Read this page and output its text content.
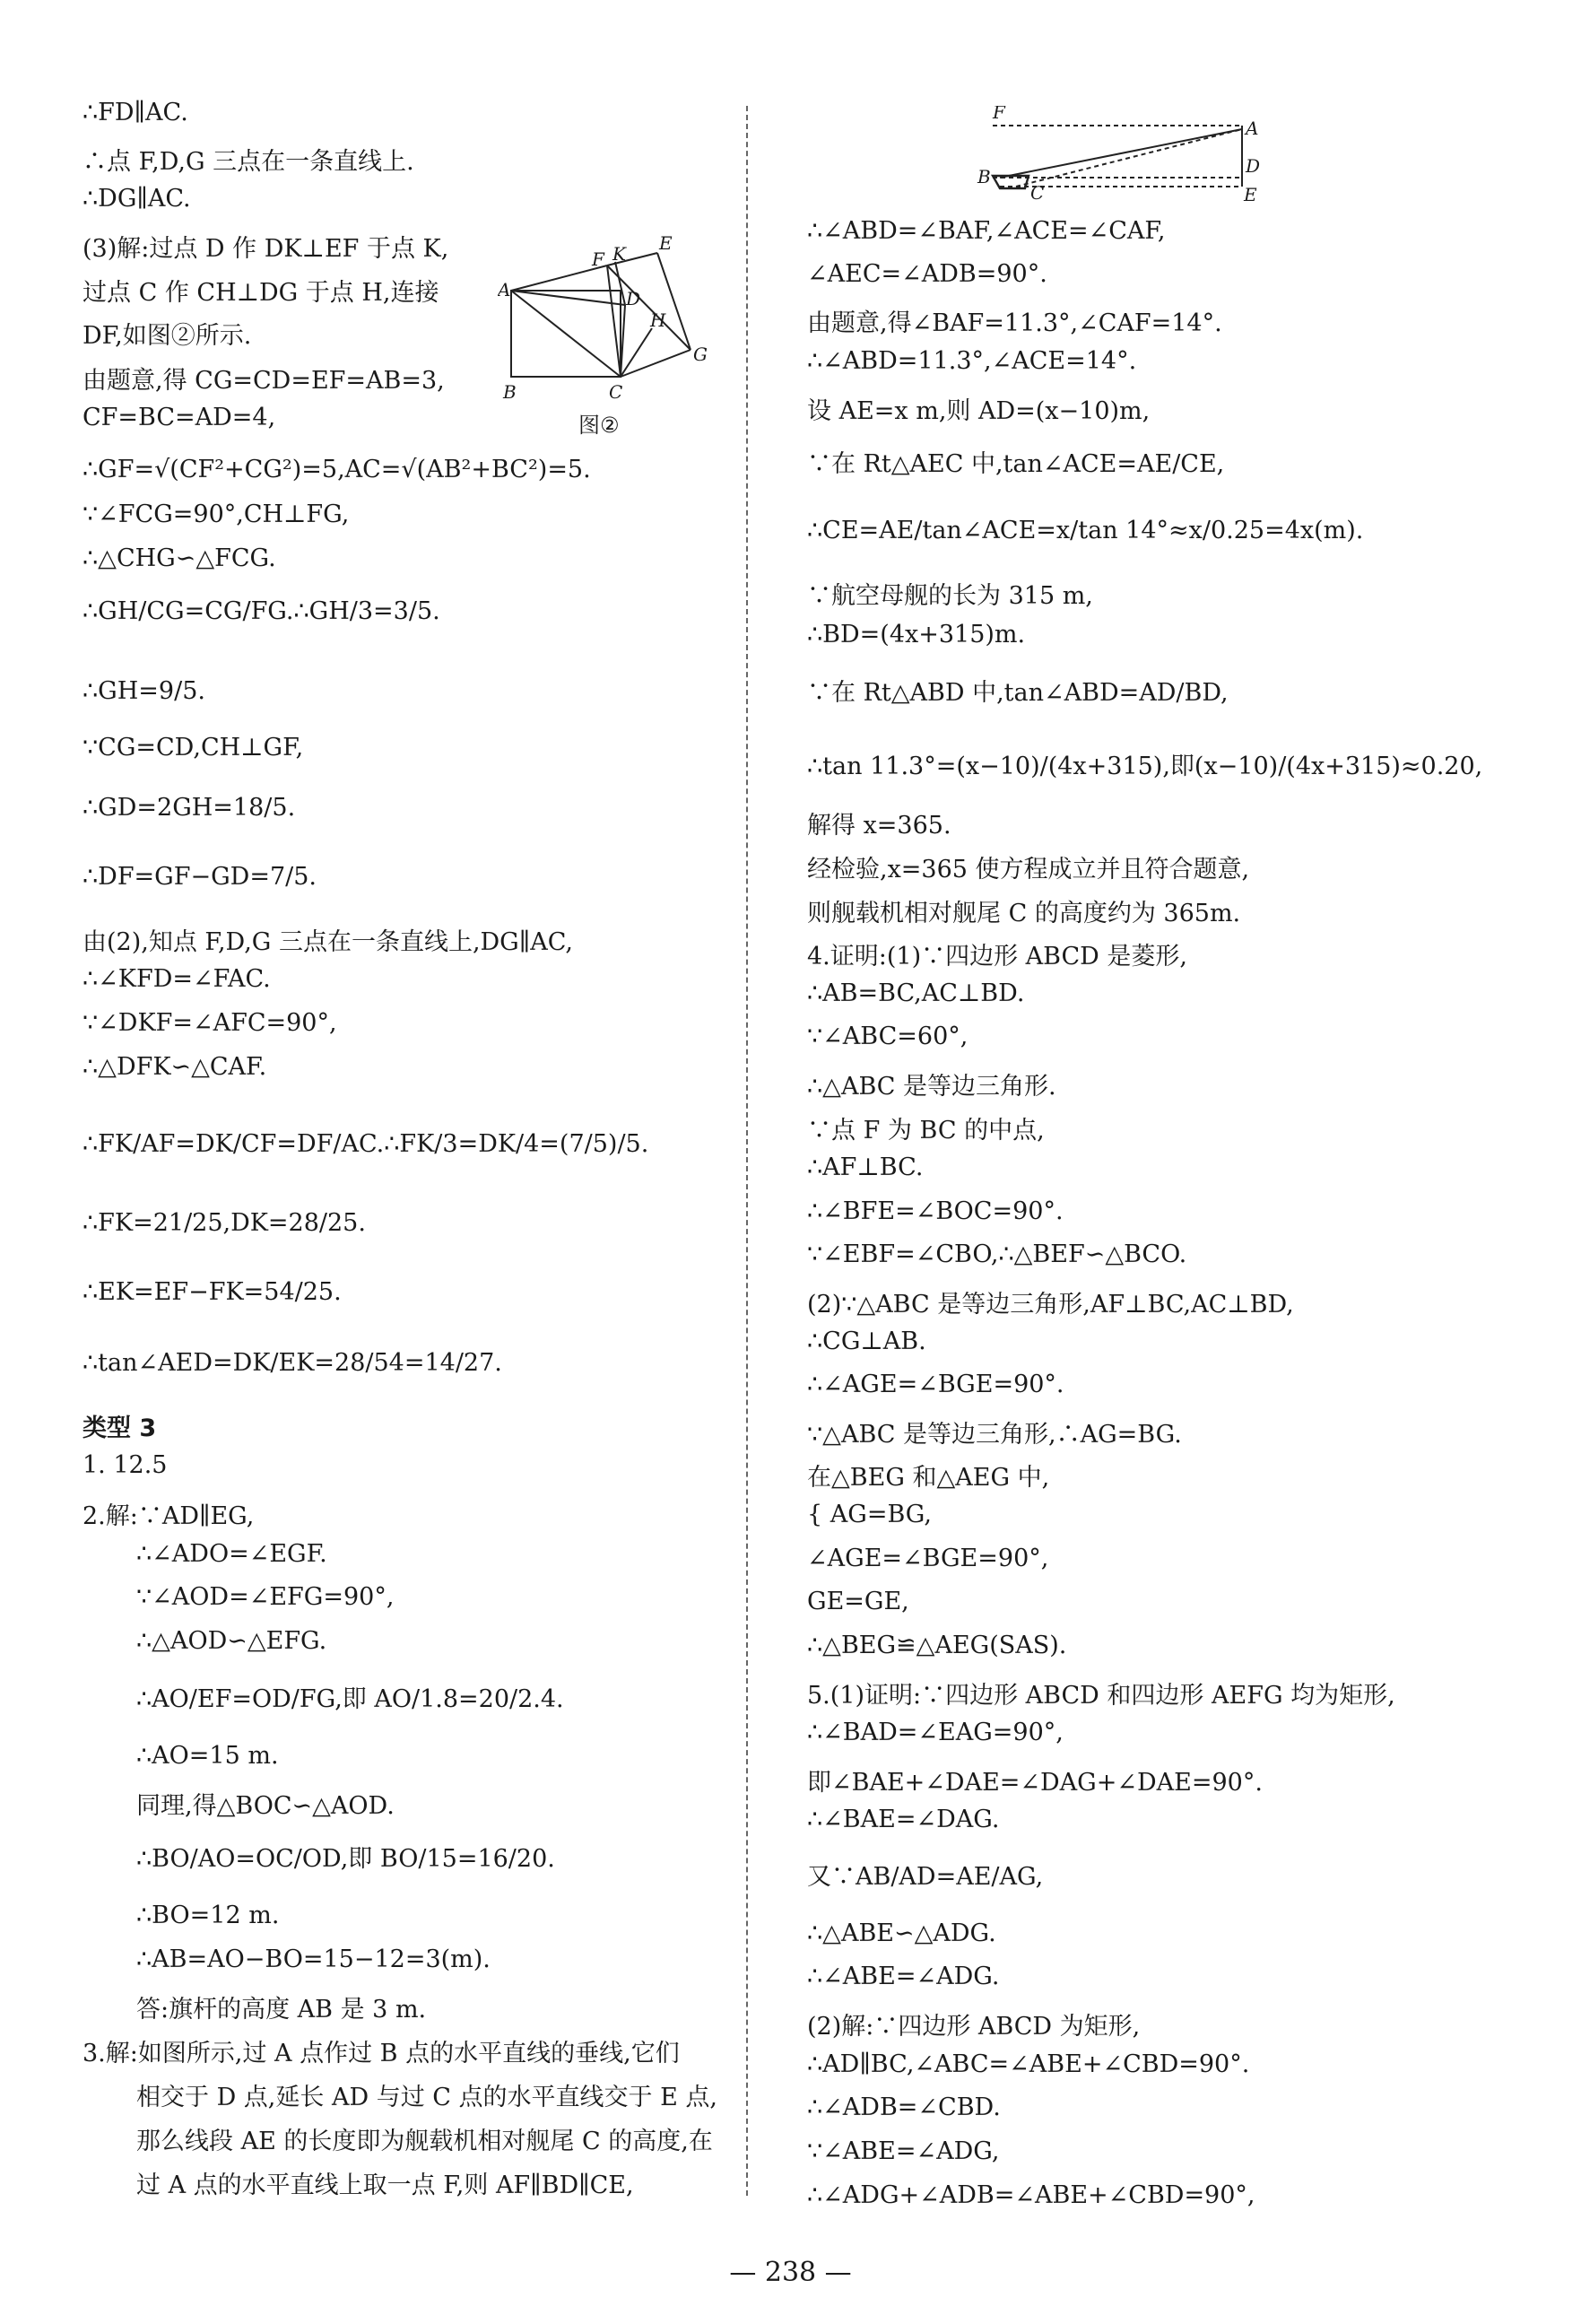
∴FD∥AC.
∴点 F,D,G 三点在一条直线上.
∴DG∥AC.
(3)解:过点 D 作 DK⊥EF 于点 K,
过点 C 作 CH⊥DG 于点 H,连接
DF,如图②所示.
由题意,得 CG=CD=EF=AB=3,
CF=BC=AD=4,
∴GF=√(CF²+CG²)=5,AC=√(AB²+BC²)=5.
∵∠FCG=90°,CH⊥FG,
∴△CHG∽△FCG.
∴GH/CG=CG/FG.∴GH/3=3/5.
∴GH=9/5.
∵CG=CD,CH⊥GF,
∴GD=2GH=18/5.
∴DF=GF−GD=7/5.
由(2),知点 F,D,G 三点在一条直线上,DG∥AC,
∴∠KFD=∠FAC.
∵∠DKF=∠AFC=90°,
∴△DFK∽△CAF.
∴FK/AF=DK/CF=DF/AC.∴FK/3=DK/4=(7/5)/5.
∴FK=21/25,DK=28/25.
∴EK=EF−FK=54/25.
∴tan∠AED=DK/EK=28/54=14/27.
类型 3
1. 12.5
2.解:∵AD∥EG,
∴∠ADO=∠EGF.
∵∠AOD=∠EFG=90°,
∴△AOD∽△EFG.
∴AO/EF=OD/FG,即 AO/1.8=20/2.4.
∴AO=15 m.
同理,得△BOC∽△AOD.
∴BO/AO=OC/OD,即 BO/15=16/20.
∴BO=12 m.
∴AB=AO−BO=15−12=3(m).
答:旗杆的高度 AB 是 3 m.
3.解:如图所示,过 A 点作过 B 点的水平直线的垂线,它们
相交于 D 点,延长 AD 与过 C 点的水平直线交于 E 点,
那么线段 AE 的长度即为舰载机相对舰尾 C 的高度,在
过 A 点的水平直线上取一点 F,则 AF∥BD∥CE,
∴∠ABD=∠BAF,∠ACE=∠CAF,
∠AEC=∠ADB=90°.
由题意,得∠BAF=11.3°,∠CAF=14°.
∴∠ABD=11.3°,∠ACE=14°.
设 AE=x m,则 AD=(x−10)m,
∵在 Rt△AEC 中,tan∠ACE=AE/CE,
∴CE=AE/tan∠ACE=x/tan 14°≈x/0.25=4x(m).
∵航空母舰的长为 315 m,
∴BD=(4x+315)m.
∵在 Rt△ABD 中,tan∠ABD=AD/BD,
∴tan 11.3°=(x−10)/(4x+315),即(x−10)/(4x+315)≈0.20,
解得 x=365.
经检验,x=365 使方程成立并且符合题意,
则舰载机相对舰尾 C 的高度约为 365m.
4.证明:(1)∵四边形 ABCD 是菱形,
∴AB=BC,AC⊥BD.
∵∠ABC=60°,
∴△ABC 是等边三角形.
∵点 F 为 BC 的中点,
∴AF⊥BC.
∴∠BFE=∠BOC=90°.
∵∠EBF=∠CBO,∴△BEF∽△BCO.
(2)∵△ABC 是等边三角形,AF⊥BC,AC⊥BD,
∴CG⊥AB.
∴∠AGE=∠BGE=90°.
∵△ABC 是等边三角形,∴AG=BG.
在△BEG 和△AEG 中,
{ AG=BG,
∠AGE=∠BGE=90°,
GE=GE,
∴△BEG≌△AEG(SAS).
5.(1)证明:∵四边形 ABCD 和四边形 AEFG 均为矩形,
∴∠BAD=∠EAG=90°,
即∠BAE+∠DAE=∠DAG+∠DAE=90°.
∴∠BAE=∠DAG.
又∵AB/AD=AE/AG,
∴△ABE∽△ADG.
∴∠ABE=∠ADG.
(2)解:∵四边形 ABCD 为矩形,
∴AD∥BC,∠ABC=∠ABE+∠CBD=90°.
∴∠ADB=∠CBD.
∵∠ABE=∠ADG,
∴∠ADG+∠ADB=∠ABE+∠CBD=90°,
A
B	C
D
E
F
G
H
K
图②
F
A
B
C
D
E
— 238 —
